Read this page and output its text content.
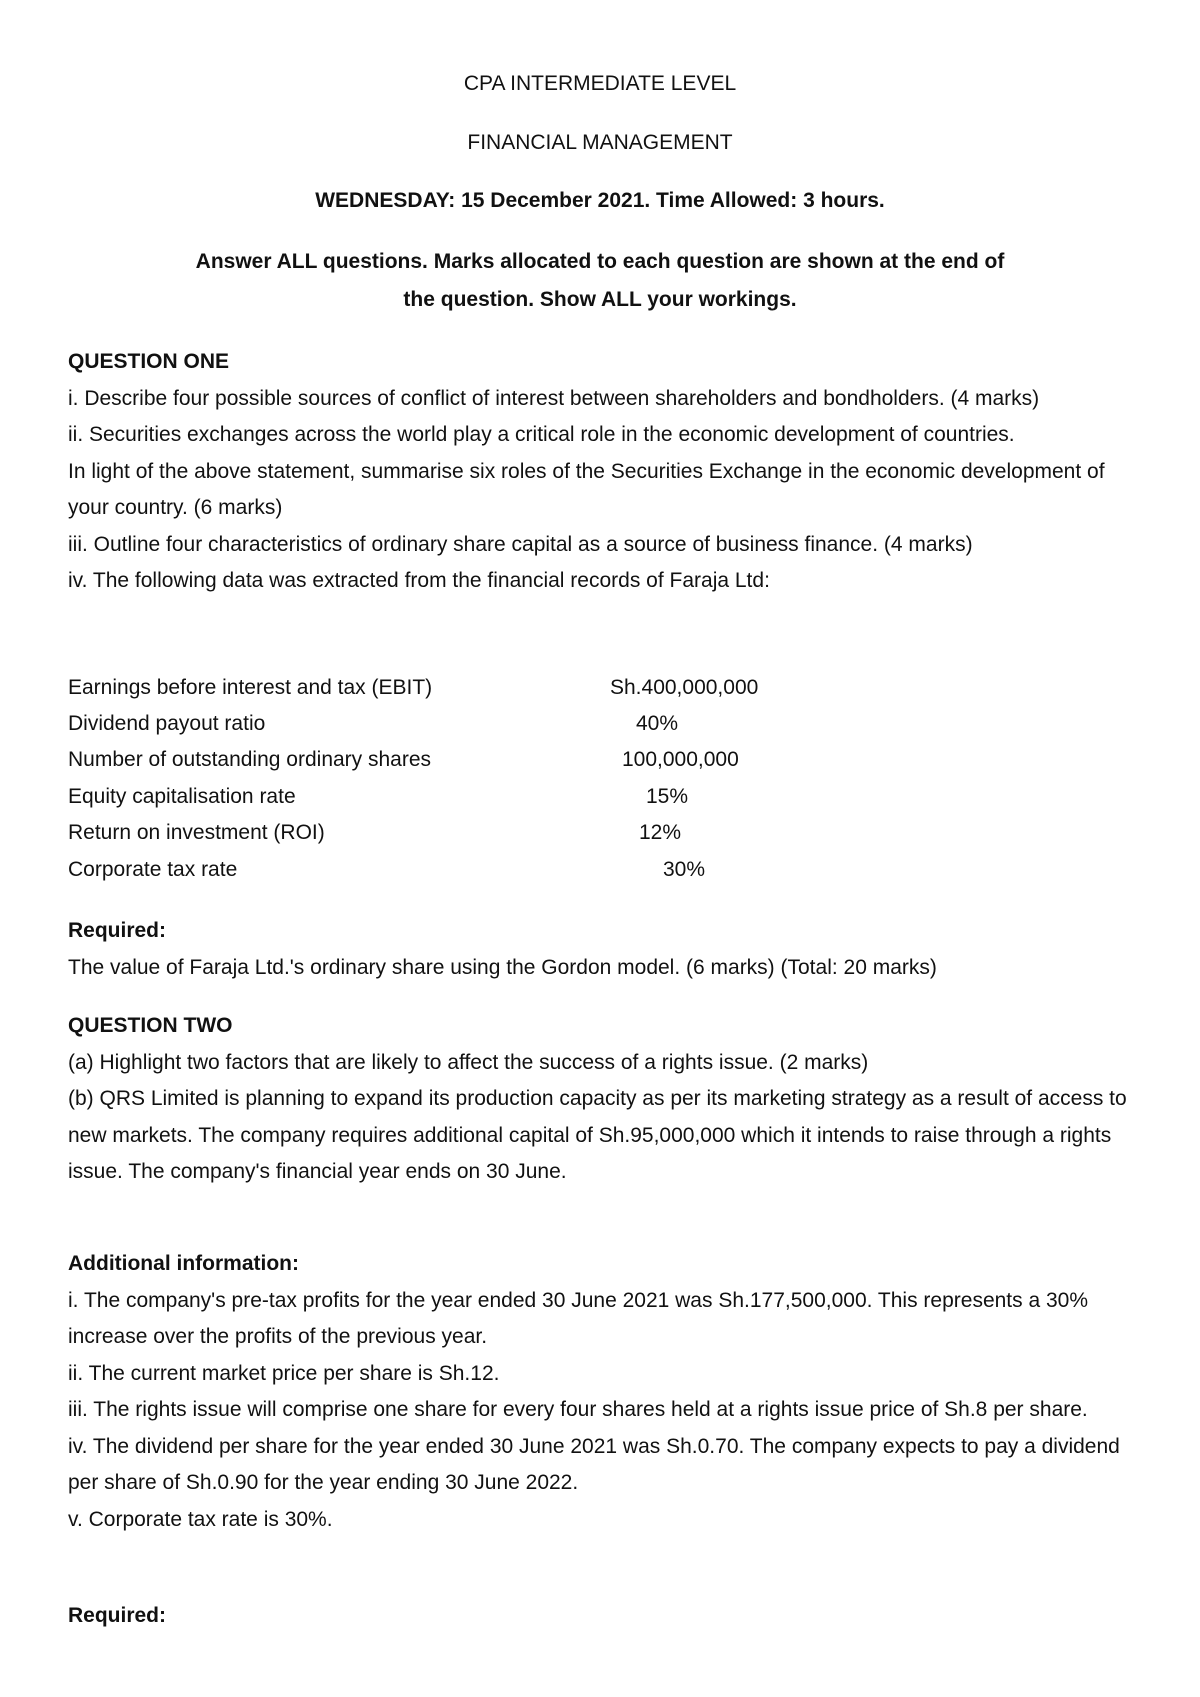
CPA INTERMEDIATE LEVEL
FINANCIAL MANAGEMENT
WEDNESDAY: 15 December 2021. Time Allowed: 3 hours.
Answer ALL questions. Marks allocated to each question are shown at the end of
the question. Show ALL your workings.

QUESTION ONE

i. Describe four possible sources of conflict of interest between shareholders and bondholders. (4 marks)

ii. Securities exchanges across the world play a critical role in the economic development of countries.

In light of the above statement, summarise six roles of the Securities Exchange in the economic development of your country. (6 marks)

iii. Outline four characteristics of ordinary share capital as a source of business finance. (4 marks)

iv. The following data was extracted from the financial records of Faraja Ltd:

Earnings before interest and tax (EBIT)	Sh.400,000,000
Dividend payout ratio	40%
Number of outstanding ordinary shares	100,000,000
Equity capitalisation rate	15%
Return on investment (ROI)	12%
Corporate tax rate	30%

Required:

The value of Faraja Ltd.'s ordinary share using the Gordon model. (6 marks) (Total: 20 marks)

QUESTION TWO

(a) Highlight two factors that are likely to affect the success of a rights issue. (2 marks)

(b) QRS Limited is planning to expand its production capacity as per its marketing strategy as a result of access to new markets. The company requires additional capital of Sh.95,000,000 which it intends to raise through a rights issue. The company's financial year ends on 30 June.

Additional information:

i. The company's pre-tax profits for the year ended 30 June 2021 was Sh.177,500,000. This represents a 30% increase over the profits of the previous year.

ii. The current market price per share is Sh.12.

iii. The rights issue will comprise one share for every four shares held at a rights issue price of Sh.8 per share.

iv. The dividend per share for the year ended 30 June 2021 was Sh.0.70. The company expects to pay a dividend per share of Sh.0.90 for the year ending 30 June 2022.

v. Corporate tax rate is 30%.

Required:
